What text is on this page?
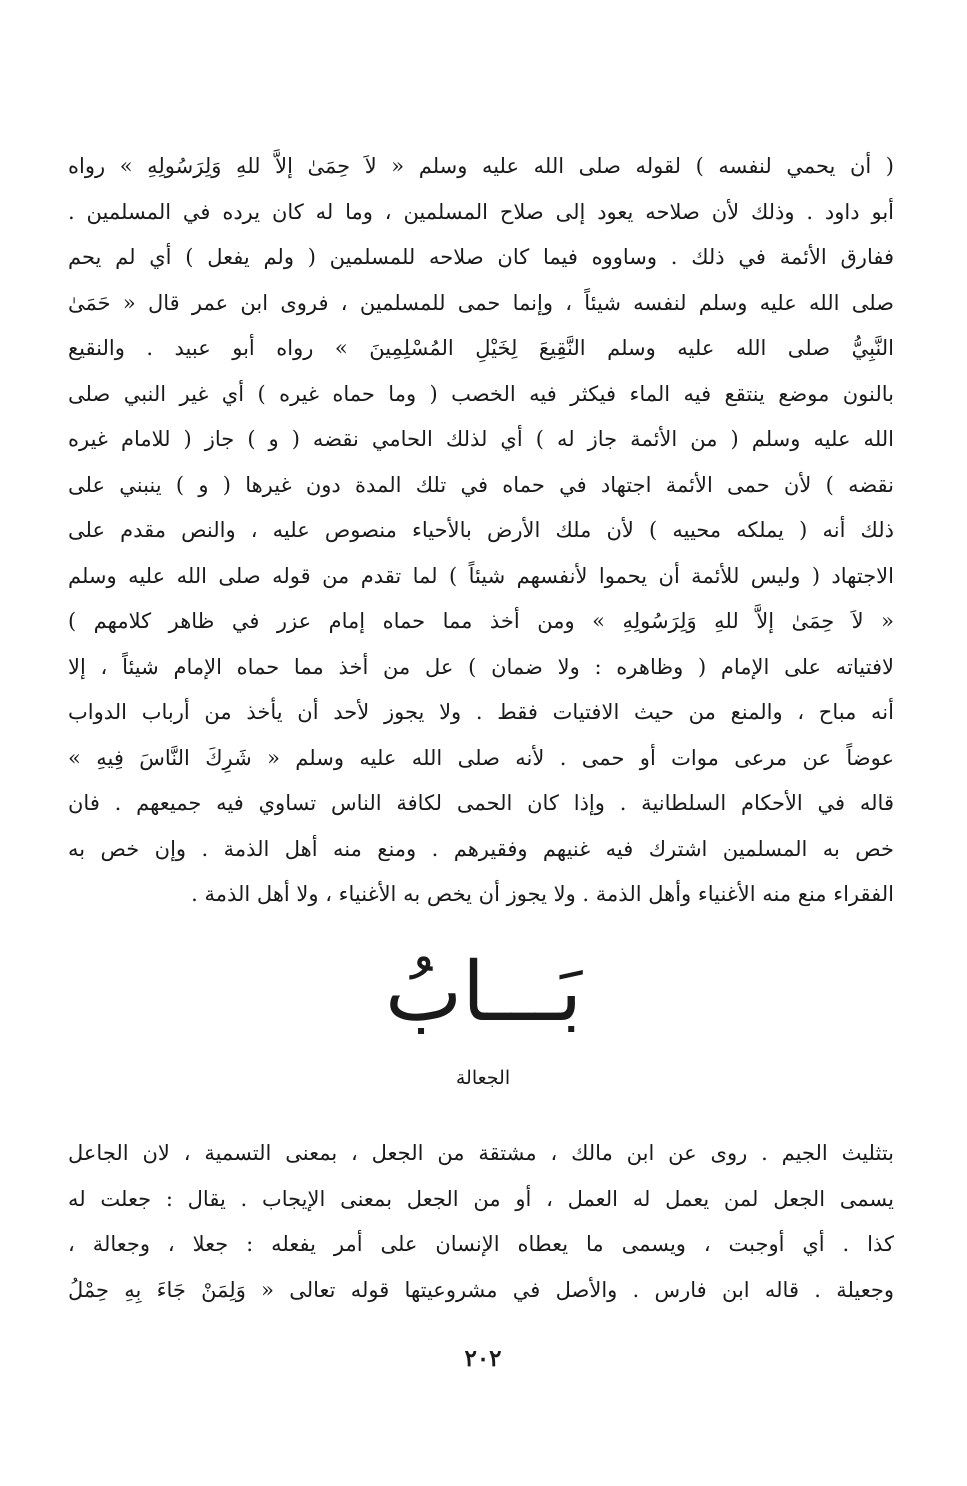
( أن يحمي لنفسه ) لقوله صلى الله عليه وسلم « لاَ حِمَىٰ إلاَّ للهِ وَلِرَسُولِهِ » رواه
أبو داود . وذلك لأن صلاحه يعود إلى صلاح المسلمين ، وما له كان يرده في المسلمين .
ففارق الأئمة في ذلك . وساووه فيما كان صلاحه للمسلمين ( ولم يفعل ) أي لم يحم
صلى الله عليه وسلم لنفسه شيئاً ، وإنما حمى للمسلمين ، فروى ابن عمر قال « حَمَىٰ
النَّبِيُّ صلى الله عليه وسلم النَّقِيعَ لِخَيْلِ المُسْلِمِينَ » رواه أبو عبيد . والنقيع
بالنون موضع ينتقع فيه الماء فيكثر فيه الخصب ( وما حماه غيره ) أي غير النبي صلى
الله عليه وسلم ( من الأئمة جاز له ) أي لذلك الحامي نقضه ( و ) جاز ( للامام غيره
نقضه ) لأن حمى الأئمة اجتهاد في حماه في تلك المدة دون غيرها ( و ) ينبني على
ذلك أنه ( يملكه محييه ) لأن ملك الأرض بالأحياء منصوص عليه ، والنص مقدم على
الاجتهاد ( وليس للأئمة أن يحموا لأنفسهم شيئاً ) لما تقدم من قوله صلى الله عليه وسلم
« لاَ حِمَىٰ إلاَّ للهِ وَلِرَسُولِهِ » ومن أخذ مما حماه إمام عزر في ظاهر كلامهم )
لافتياته على الإمام ( وظاهره : ولا ضمان ) عل من أخذ مما حماه الإمام شيئاً ، إلا
أنه مباح ، والمنع من حيث الافتيات فقط . ولا يجوز لأحد أن يأخذ من أرباب الدواب
عوضاً عن مرعى موات أو حمى . لأنه صلى الله عليه وسلم « شَرِكَ النَّاسَ فِيهِ »
قاله في الأحكام السلطانية . وإذا كان الحمى لكافة الناس تساوي فيه جميعهم . فان
خص به المسلمين اشترك فيه غنيهم وفقيرهم . ومنع منه أهل الذمة . وإن خص به
الفقراء منع منه الأغنياء وأهل الذمة . ولا يجوز أن يخص به الأغنياء ، ولا أهل الذمة .
بَـــابُ
الجعالة
بتثليث الجيم . روى عن ابن مالك ، مشتقة من الجعل ، بمعنى التسمية ، لان الجاعل
يسمى الجعل لمن يعمل له العمل ، أو من الجعل بمعنى الإيجاب . يقال : جعلت له
كذا . أي أوجبت ، ويسمى ما يعطاه الإنسان على أمر يفعله : جعلا ، وجعالة ،
وجعيلة . قاله ابن فارس . والأصل في مشروعيتها قوله تعالى « وَلِمَنْ جَاءَ بِهِ حِمْلُ
٢٠٢
